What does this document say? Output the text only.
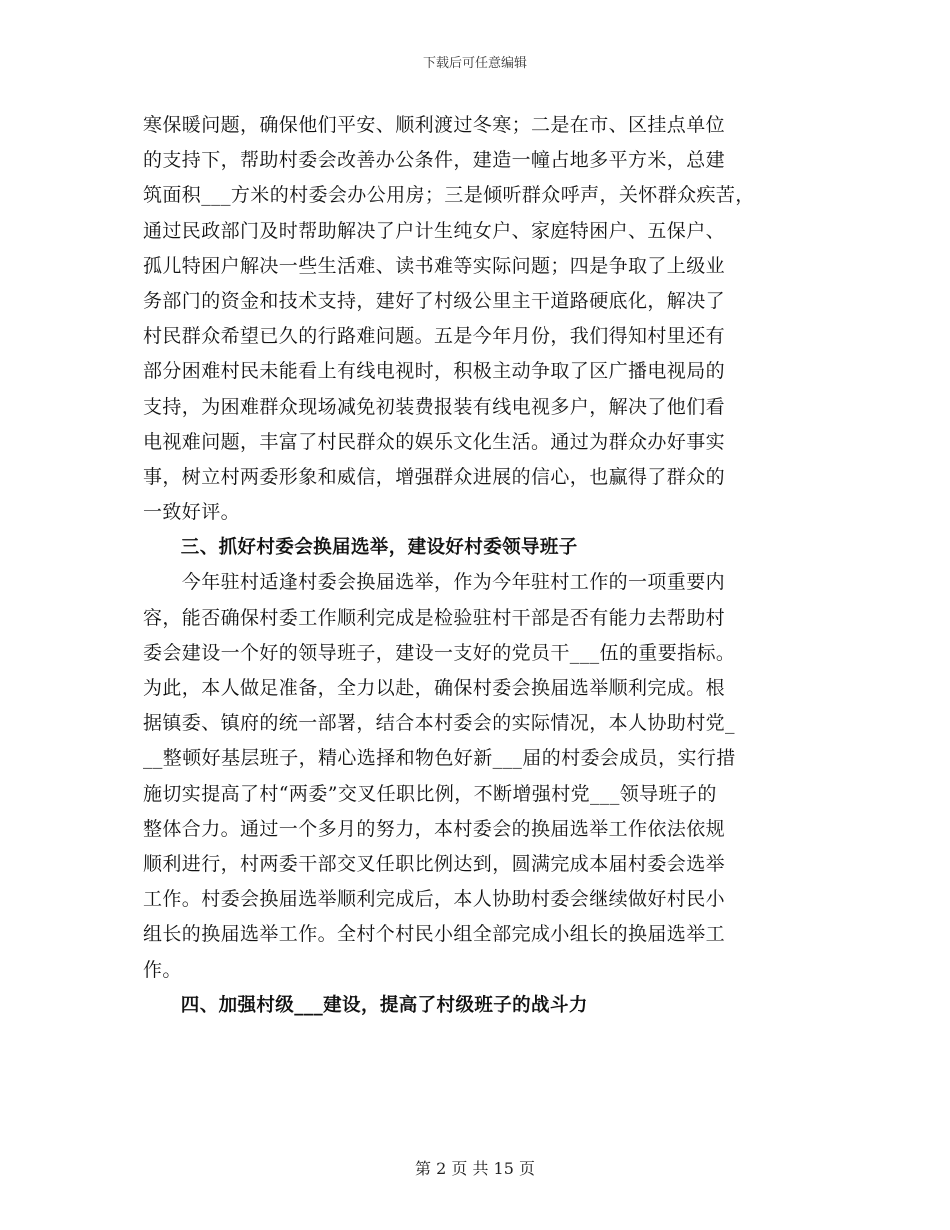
下载后可任意编辑
寒保暖问题，确保他们平安、顺利渡过冬寒；二是在市、区挂点单位
的支持下，帮助村委会改善办公条件，建造一幢占地多平方米，总建
筑面积___方米的村委会办公用房；三是倾听群众呼声，关怀群众疾苦，
通过民政部门及时帮助解决了户计生纯女户、家庭特困户、五保户、
孤儿特困户解决一些生活难、读书难等实际问题；四是争取了上级业
务部门的资金和技术支持，建好了村级公里主干道路硬底化，解决了
村民群众希望已久的行路难问题。五是今年月份，我们得知村里还有
部分困难村民未能看上有线电视时，积极主动争取了区广播电视局的
支持，为困难群众现场减免初装费报装有线电视多户，解决了他们看
电视难问题，丰富了村民群众的娱乐文化生活。通过为群众办好事实
事，树立村两委形象和威信，增强群众进展的信心，也赢得了群众的
一致好评。
　　三、抓好村委会换届选举，建设好村委领导班子
　　今年驻村适逢村委会换届选举，作为今年驻村工作的一项重要内
容，能否确保村委工作顺利完成是检验驻村干部是否有能力去帮助村
委会建设一个好的领导班子，建设一支好的党员干___伍的重要指标。
为此，本人做足准备，全力以赴，确保村委会换届选举顺利完成。根
据镇委、镇府的统一部署，结合本村委会的实际情况，本人协助村党_
__整顿好基层班子，精心选择和物色好新___届的村委会成员，实行措
施切实提高了村“两委”交叉任职比例，不断增强村党___领导班子的
整体合力。通过一个多月的努力，本村委会的换届选举工作依法依规
顺利进行，村两委干部交叉任职比例达到，圆满完成本届村委会选举
工作。村委会换届选举顺利完成后，本人协助村委会继续做好村民小
组长的换届选举工作。全村个村民小组全部完成小组长的换届选举工
作。
　　四、加强村级___建设，提高了村级班子的战斗力
第 2 页 共 15 页
